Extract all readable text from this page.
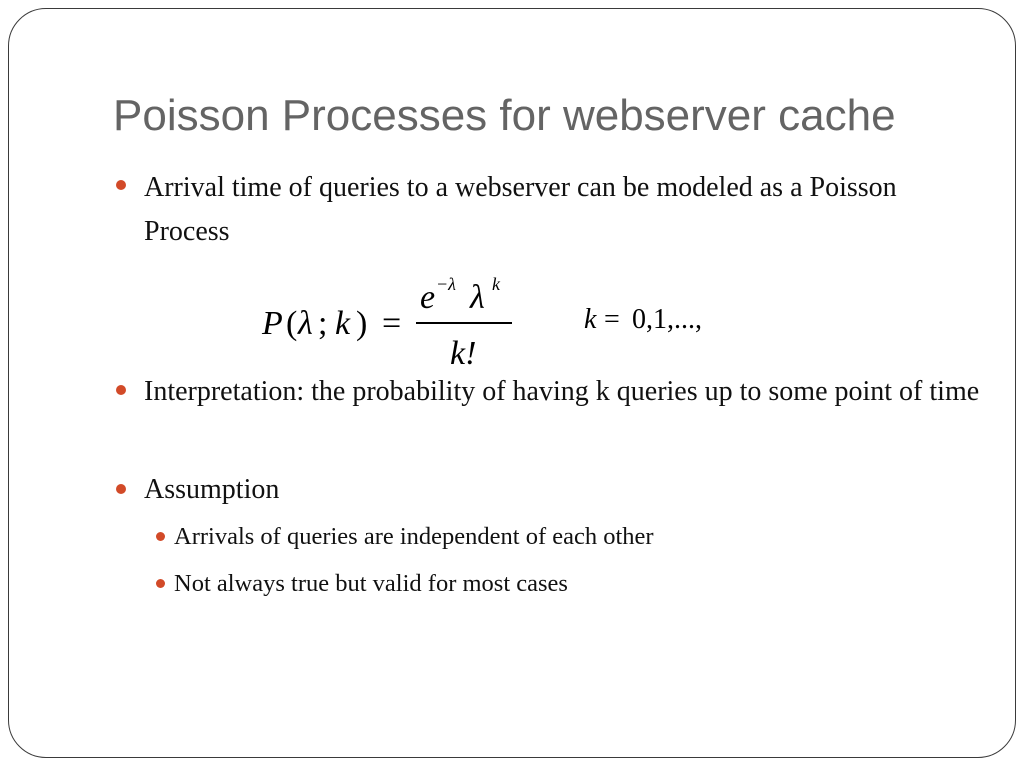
Poisson Processes for webserver cache

Arrival time of queries to a webserver can be modeled as a Poisson Process

P ( λ ; k ) =
e −λ λ k
k!
k = 0,1,...,

Interpretation: the probability of having k queries up to some point of time

Assumption

Arrivals of queries are independent of each other

Not always true but valid for most cases
